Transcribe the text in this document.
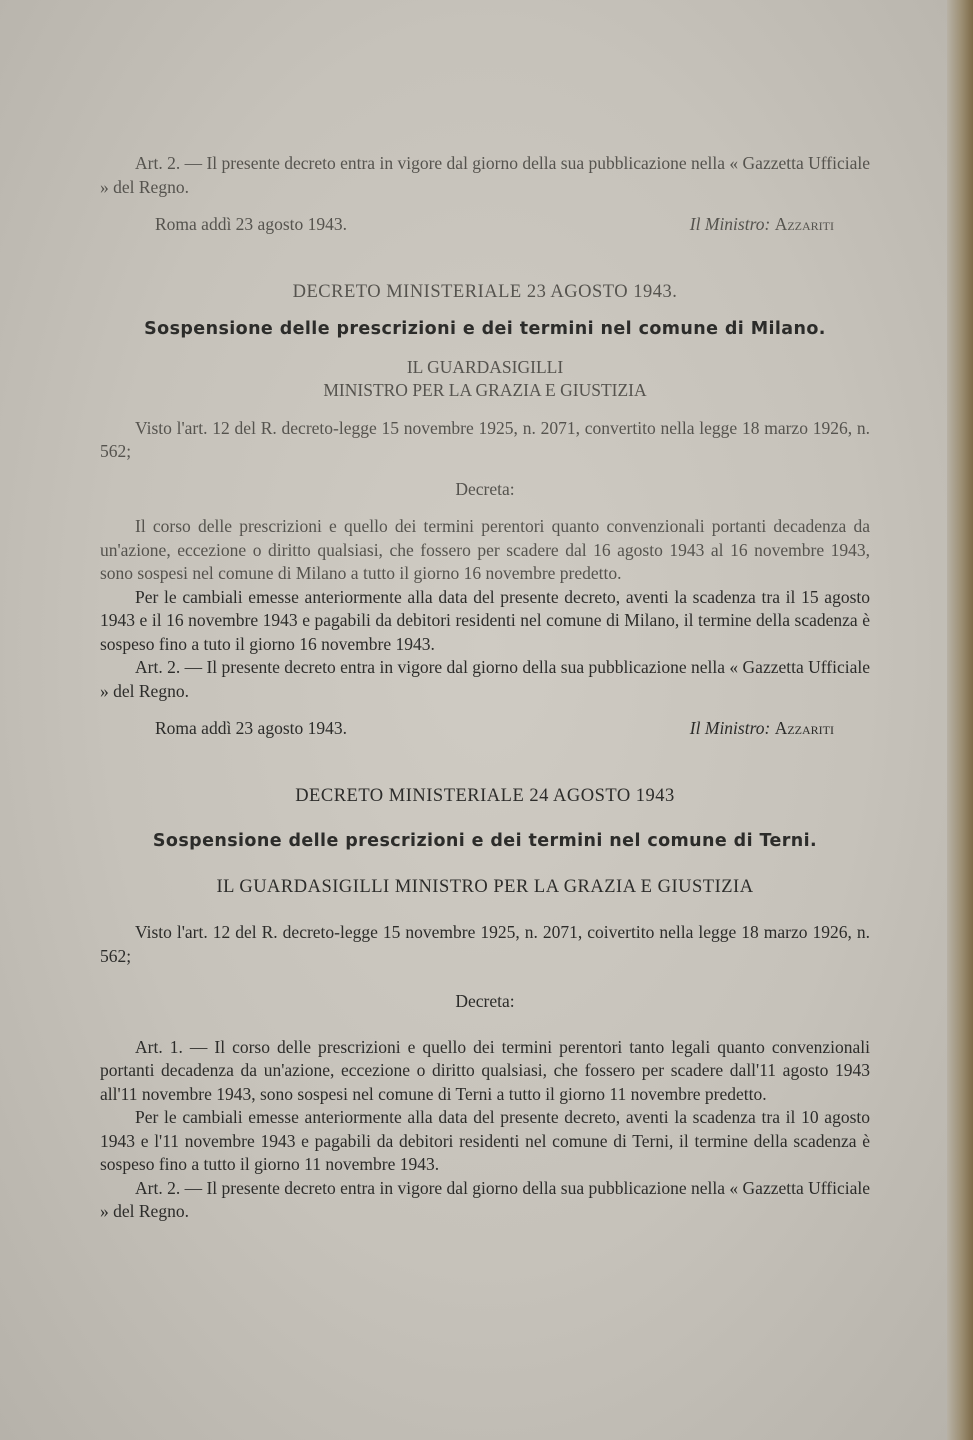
Art. 2. — Il presente decreto entra in vigore dal giorno della sua pubblicazione nella « Gazzetta Ufficiale » del Regno.

Roma addì 23 agosto 1943.	Il Ministro: Azzariti

DECRETO MINISTERIALE 23 AGOSTO 1943.

Sospensione delle prescrizioni e dei termini nel comune di Milano.

IL GUARDASIGILLI

MINISTRO PER LA GRAZIA E GIUSTIZIA

Visto l'art. 12 del R. decreto-legge 15 novembre 1925, n. 2071, convertito nella legge 18 marzo 1926, n. 562;

Decreta:

Il corso delle prescrizioni e quello dei termini perentori quanto convenzionali portanti decadenza da un'azione, eccezione o diritto qualsiasi, che fossero per scadere dal 16 agosto 1943 al 16 novembre 1943, sono sospesi nel comune di Milano a tutto il giorno 16 novembre predetto.

Per le cambiali emesse anteriormente alla data del presente decreto, aventi la scadenza tra il 15 agosto 1943 e il 16 novembre 1943 e pagabili da debitori residenti nel comune di Milano, il termine della scadenza è sospeso fino a tuto il giorno 16 novembre 1943.

Art. 2. — Il presente decreto entra in vigore dal giorno della sua pubblicazione nella « Gazzetta Ufficiale » del Regno.

Roma addì 23 agosto 1943.	Il Ministro: Azzariti

DECRETO MINISTERIALE 24 AGOSTO 1943

Sospensione delle prescrizioni e dei termini nel comune di Terni.

IL GUARDASIGILLI MINISTRO PER LA GRAZIA E GIUSTIZIA

Visto l'art. 12 del R. decreto-legge 15 novembre 1925, n. 2071, coivertito nella legge 18 marzo 1926, n. 562;

Decreta:

Art. 1. — Il corso delle prescrizioni e quello dei termini perentori tanto legali quanto convenzionali portanti decadenza da un'azione, eccezione o diritto qualsiasi, che fossero per scadere dall'11 agosto 1943 all'11 novembre 1943, sono sospesi nel comune di Terni a tutto il giorno 11 novembre predetto.

Per le cambiali emesse anteriormente alla data del presente decreto, aventi la scadenza tra il 10 agosto 1943 e l'11 novembre 1943 e pagabili da debitori residenti nel comune di Terni, il termine della scadenza è sospeso fino a tutto il giorno 11 novembre 1943.

Art. 2. — Il presente decreto entra in vigore dal giorno della sua pubblicazione nella « Gazzetta Ufficiale » del Regno.
